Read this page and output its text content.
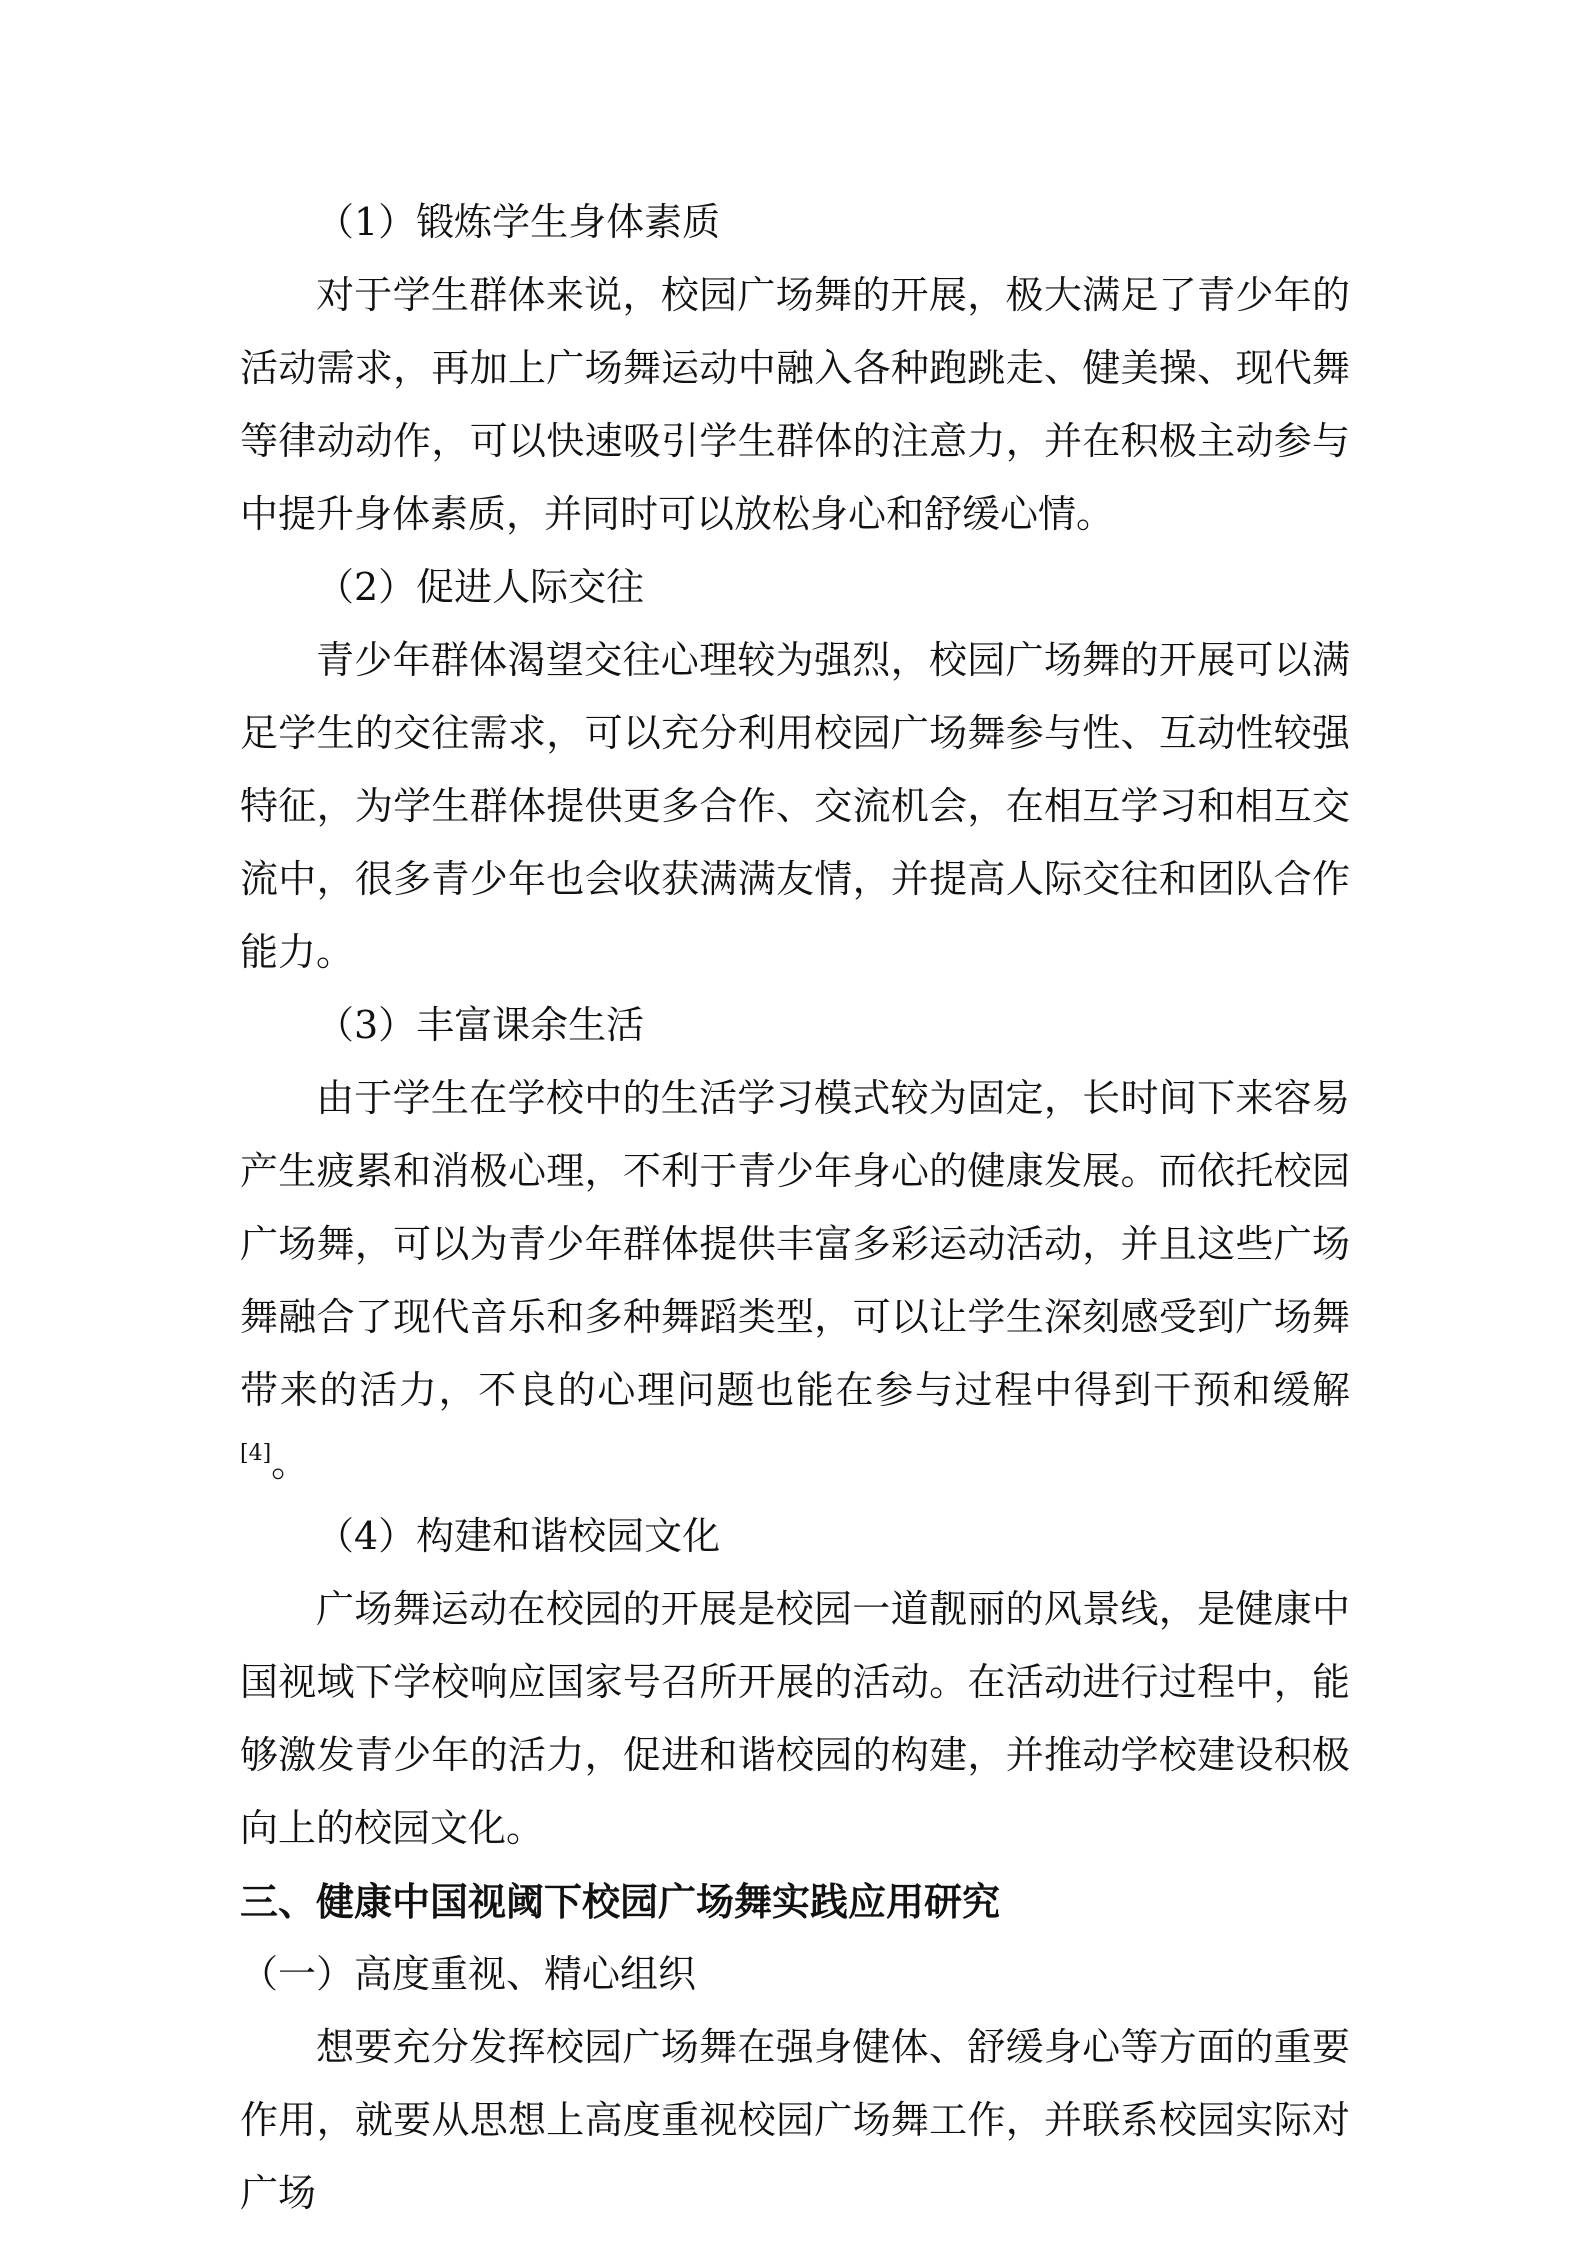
（1）锻炼学生身体素质

对于学生群体来说，校园广场舞的开展，极大满足了青少年的活动需求，再加上广场舞运动中融入各种跑跳走、健美操、现代舞等律动动作，可以快速吸引学生群体的注意力，并在积极主动参与中提升身体素质，并同时可以放松身心和舒缓心情。

（2）促进人际交往

青少年群体渴望交往心理较为强烈，校园广场舞的开展可以满足学生的交往需求，可以充分利用校园广场舞参与性、互动性较强特征，为学生群体提供更多合作、交流机会，在相互学习和相互交流中，很多青少年也会收获满满友情，并提高人际交往和团队合作能力。

（3）丰富课余生活

由于学生在学校中的生活学习模式较为固定，长时间下来容易产生疲累和消极心理，不利于青少年身心的健康发展。而依托校园广场舞，可以为青少年群体提供丰富多彩运动活动，并且这些广场舞融合了现代音乐和多种舞蹈类型，可以让学生深刻感受到广场舞带来的活力，不良的心理问题也能在参与过程中得到干预和缓解[4]。

（4）构建和谐校园文化

广场舞运动在校园的开展是校园一道靓丽的风景线，是健康中国视域下学校响应国家号召所开展的活动。在活动进行过程中，能够激发青少年的活力，促进和谐校园的构建，并推动学校建设积极向上的校园文化。

三、健康中国视阈下校园广场舞实践应用研究

（一）高度重视、精心组织

想要充分发挥校园广场舞在强身健体、舒缓身心等方面的重要作用，就要从思想上高度重视校园广场舞工作，并联系校园实际对广场
